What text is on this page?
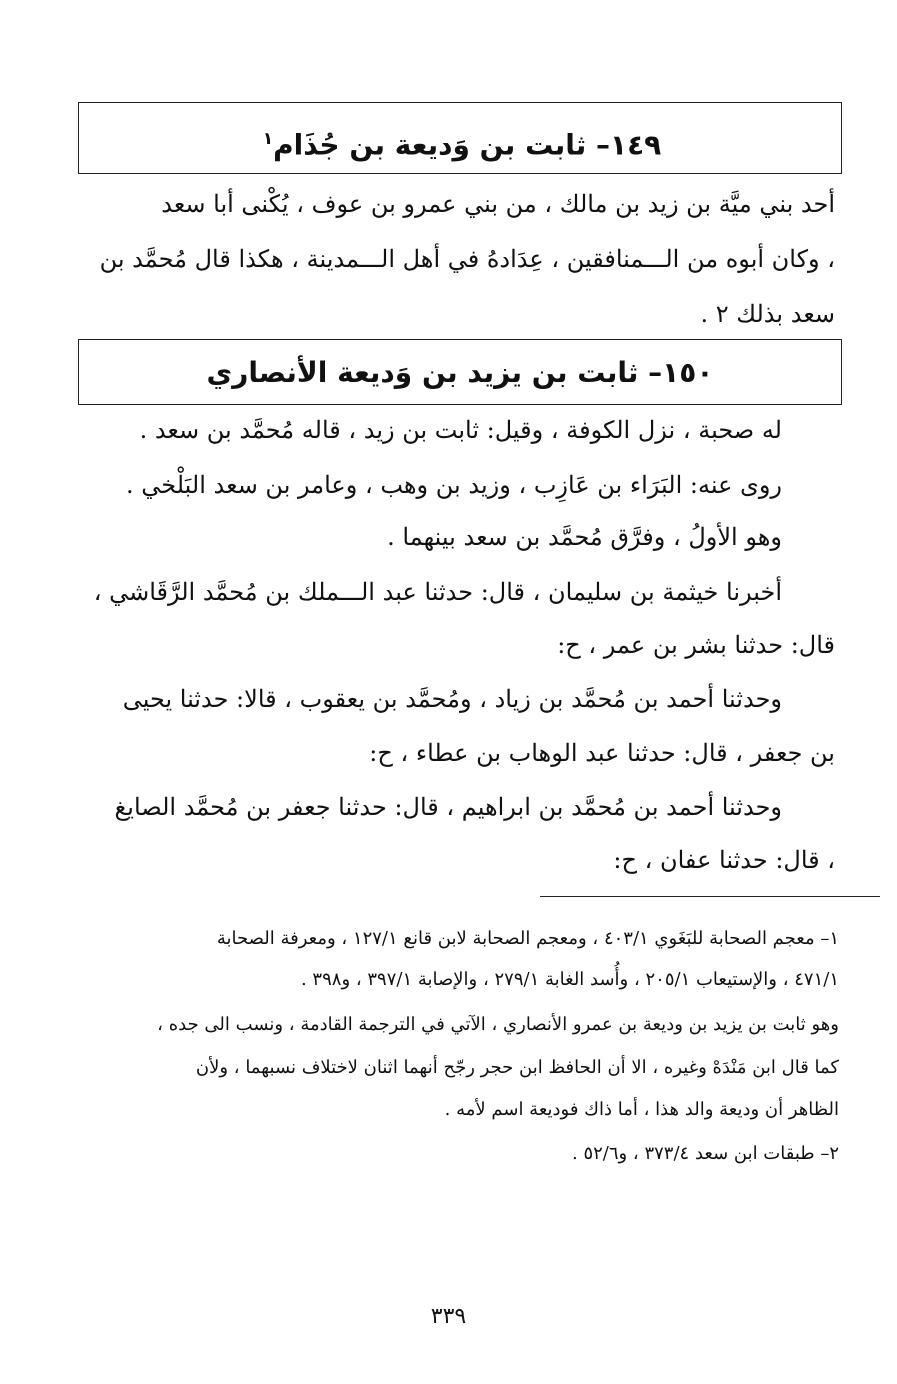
١٤٩– ثابت بن وَديعة بن جُذَام$^١$
أحد بني ميَّة بن زيد بن مالك ، من بني عمرو بن عوف ، يُكْنى أبا سعد
، وكان أبوه من الـــمنافقين ، عِدَادهُ في أهل الـــمدينة ، هكذا قال مُحمَّد بن
سعد بذلك ٢ .
١٥٠– ثابت بن يزيد بن وَديعة الأنصاري
له صحبة ، نزل الكوفة ، وقيل: ثابت بن زيد ، قاله مُحمَّد بن سعد .
روى عنه: البَرَاء بن عَازِب ، وزيد بن وهب ، وعامر بن سعد البَلْخي .
وهو الأولُ ، وفرَّق مُحمَّد بن سعد بينهما .
أخبرنا خيثمة بن سليمان ، قال: حدثنا عبد الـــملك بن مُحمَّد الرَّقَاشي ،
قال: حدثنا بشر بن عمر ، ح:
وحدثنا أحمد بن مُحمَّد بن زياد ، ومُحمَّد بن يعقوب ، قالا: حدثنا يحيى
بن جعفر ، قال: حدثنا عبد الوهاب بن عطاء ، ح:
وحدثنا أحمد بن مُحمَّد بن ابراهيم ، قال: حدثنا جعفر بن مُحمَّد الصايغ
، قال: حدثنا عفان ، ح:
١– معجم الصحابة للبَغَوي ٤٠٣/١ ، ومعجم الصحابة لابن قانع ١٢٧/١ ، ومعرفة الصحابة
٤٧١/١ ، والإستيعاب ٢٠٥/١ ، وأُسد الغابة ٢٧٩/١ ، والإصابة ٣٩٧/١ ، و٣٩٨ .
وهو ثابت بن يزيد بن وديعة بن عمرو الأنصاري ، الآتي في الترجمة القادمة ، ونسب الى جده ،
كما قال ابن مَنْدَهْ وغيره ، الا أن الحافظ ابن حجر رجّح أنهما اثنان لاختلاف نسبهما ، ولأن
الظاهر أن وديعة والد هذا ، أما ذاك فوديعة اسم لأمه .
٢– طبقات ابن سعد ٣٧٣/٤ ، و٥٢/٦ .
٣٣٩
